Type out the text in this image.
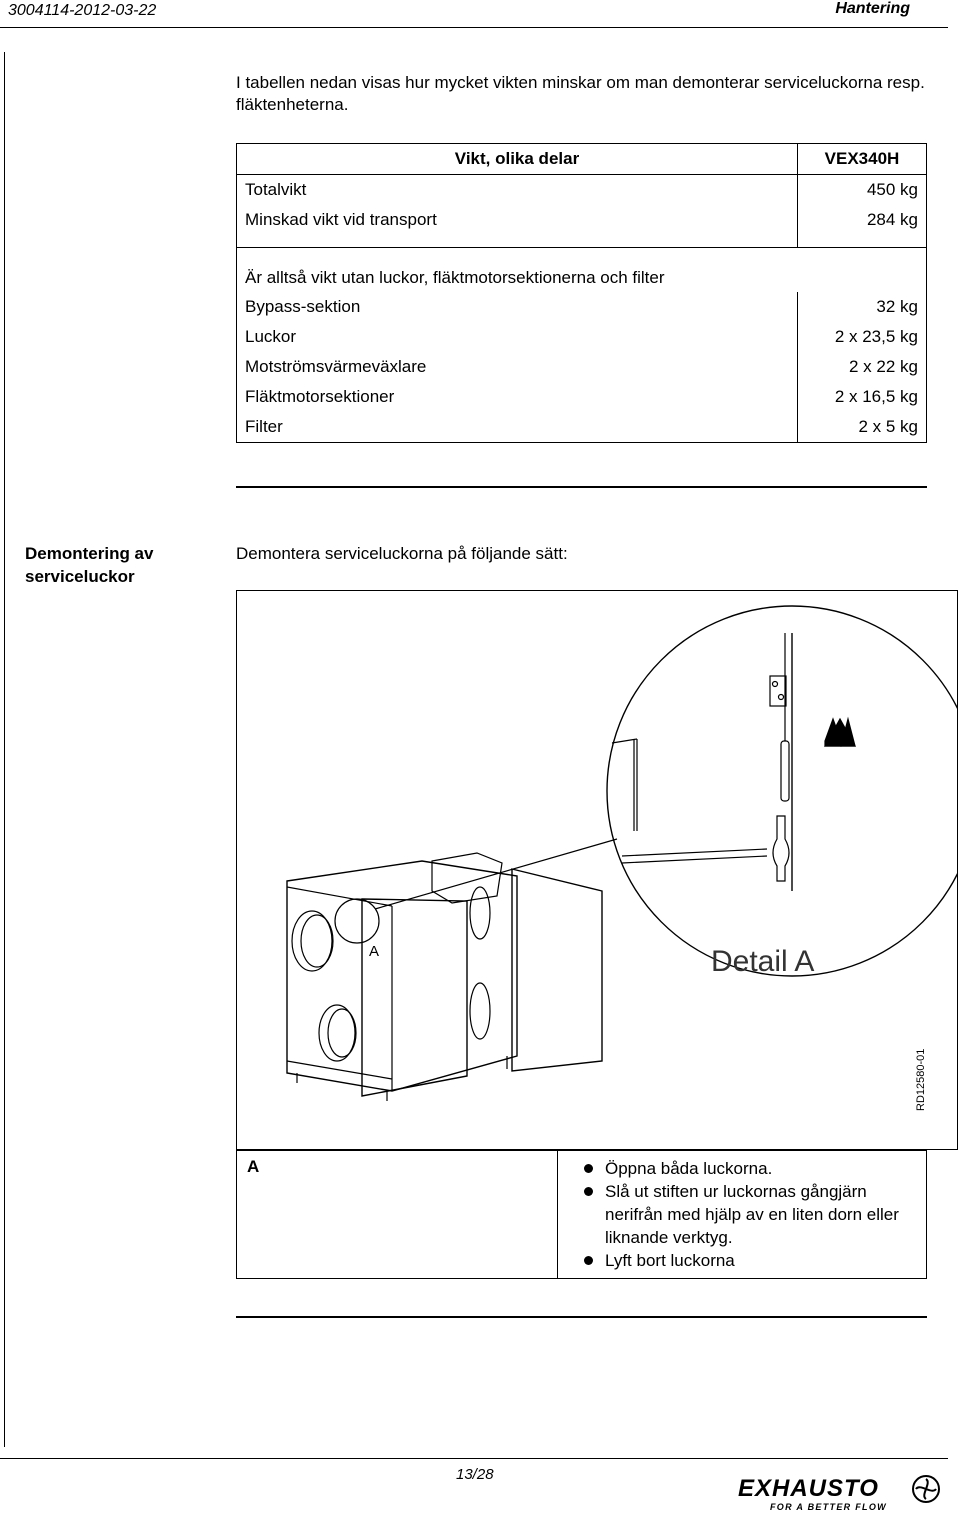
3004114-2012-03-22	Hantering
I tabellen nedan visas hur mycket vikten minskar om man demonterar serviceluckorna resp. fläktenheterna.
Vikt, olika delar	VEX340H
Totalvikt	450 kg
Minskad vikt vid transport	284 kg

Är alltså vikt utan luckor, fläktmotorsektionerna och filter	
Bypass-sektion	32 kg
Luckor	2 x 23,5 kg
Motströmsvärmeväxlare	2 x 22 kg
Fläktmotorsektioner	2 x 16,5 kg
Filter	2 x 5 kg
Demontering av serviceluckor
Demontera serviceluckorna på följande sätt:
A	Detail A
RD12580-01
A	Öppna båda luckorna.
Slå ut stiften ur luckornas gångjärn nerifrån med hjälp av en liten dorn eller liknande verktyg.
Lyft bort luckorna
13/28
EXHAUSTO
FOR A BETTER FLOW
